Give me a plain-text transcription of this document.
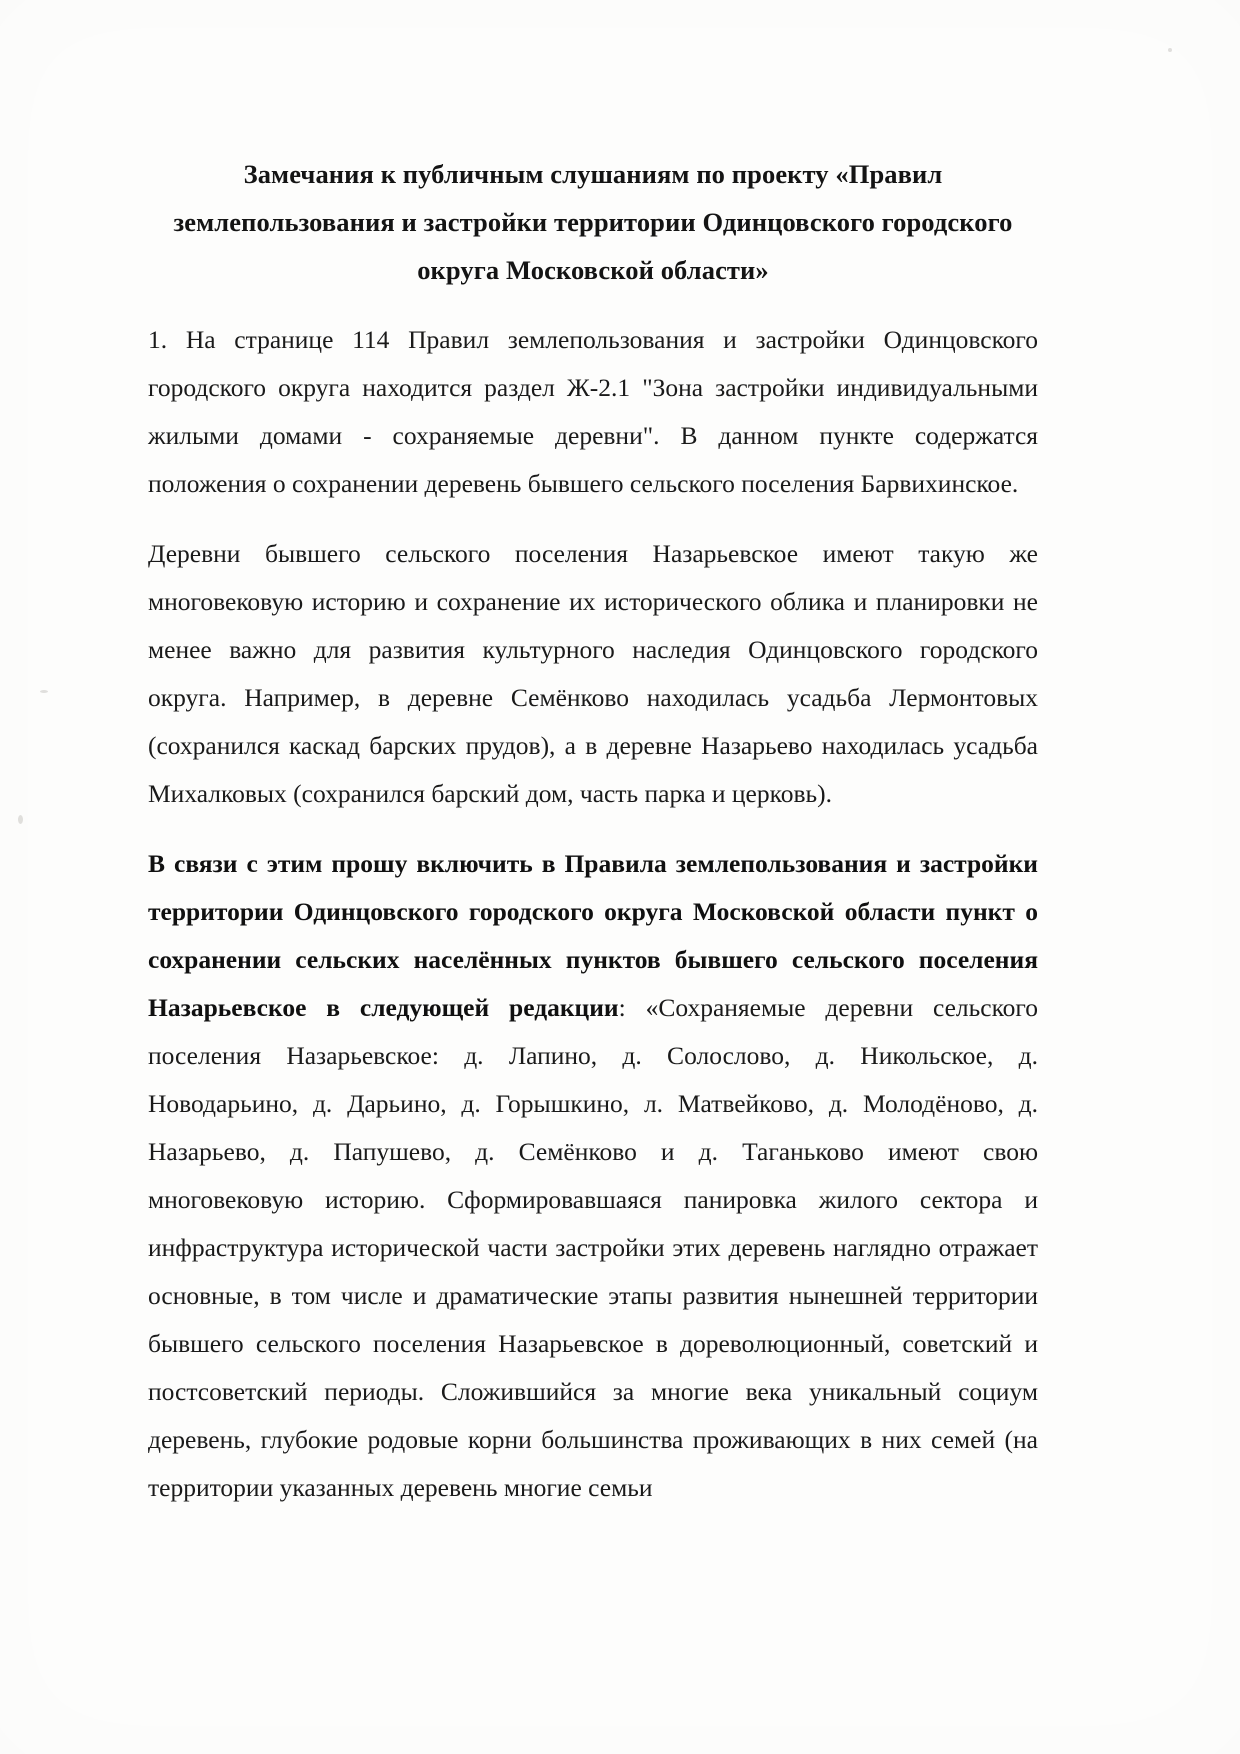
Замечания к публичным слушаниям по проекту «Правил землепользования и застройки территории Одинцовского городского округа Московской области»

1. На странице 114 Правил землепользования и застройки Одинцовского городского округа находится раздел Ж-2.1 "Зона застройки индивидуальными жилыми домами - сохраняемые деревни". В данном пункте содержатся положения о сохранении деревень бывшего сельского поселения Барвихинское.

Деревни бывшего сельского поселения Назарьевское имеют такую же многовековую историю и сохранение их исторического облика и планировки не менее важно для развития культурного наследия Одинцовского городского округа. Например, в деревне Семёнково находилась усадьба Лермонтовых (сохранился каскад барских прудов), а в деревне Назарьево находилась усадьба Михалковых (сохранился барский дом, часть парка и церковь).

В связи с этим прошу включить в Правила землепользования и застройки территории Одинцовского городского округа Московской области пункт о сохранении сельских населённых пунктов бывшего сельского поселения Назарьевское в следующей редакции: «Сохраняемые деревни сельского поселения Назарьевское: д. Лапино, д. Солослово, д. Никольское, д. Новодарьино, д. Дарьино, д. Горышкино, л. Матвейково, д. Молодёново, д. Назарьево, д. Папушево, д. Семёнково и д. Таганьково имеют свою многовековую историю. Сформировавшаяся панировка жилого сектора и инфраструктура исторической части застройки этих деревень наглядно отражает основные, в том числе и драматические этапы развития нынешней территории бывшего сельского поселения Назарьевское в дореволюционный, советский и постсоветский периоды. Сложившийся за многие века уникальный социум деревень, глубокие родовые корни большинства проживающих в них семей (на территории указанных деревень многие семьи
